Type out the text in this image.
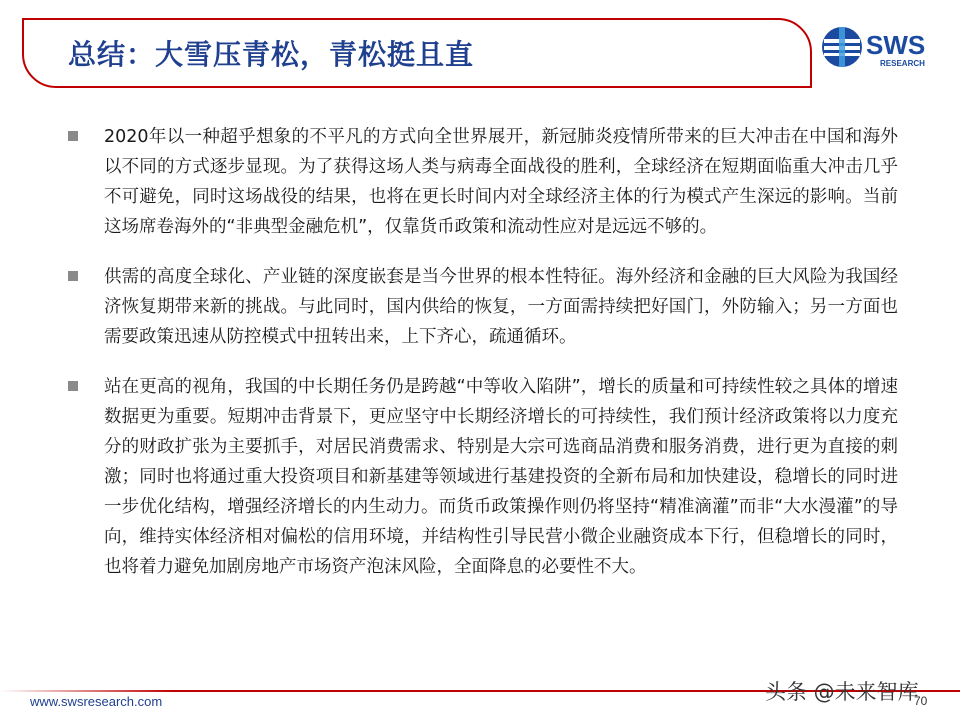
总结：大雪压青松，青松挺且直	SWS
RESEARCH
2020年以一种超乎想象的不平凡的方式向全世界展开，新冠肺炎疫情所带来的巨大冲击在中国和海外以不同的方式逐步显现。为了获得这场人类与病毒全面战役的胜利，全球经济在短期面临重大冲击几乎不可避免，同时这场战役的结果，也将在更长时间内对全球经济主体的行为模式产生深远的影响。当前这场席卷海外的“非典型金融危机”，仅靠货币政策和流动性应对是远远不够的。
供需的高度全球化、产业链的深度嵌套是当今世界的根本性特征。海外经济和金融的巨大风险为我国经济恢复期带来新的挑战。与此同时，国内供给的恢复，一方面需持续把好国门，外防输入；另一方面也需要政策迅速从防控模式中扭转出来，上下齐心，疏通循环。
站在更高的视角，我国的中长期任务仍是跨越“中等收入陷阱”，增长的质量和可持续性较之具体的增速数据更为重要。短期冲击背景下，更应坚守中长期经济增长的可持续性，我们预计经济政策将以力度充分的财政扩张为主要抓手，对居民消费需求、特别是大宗可选商品消费和服务消费，进行更为直接的刺激；同时也将通过重大投资项目和新基建等领域进行基建投资的全新布局和加快建设，稳增长的同时进一步优化结构，增强经济增长的内生动力。而货币政策操作则仍将坚持“精准滴灌”而非“大水漫灌”的导向，维持实体经济相对偏松的信用环境，并结构性引导民营小微企业融资成本下行，但稳增长的同时，也将着力避免加剧房地产市场资产泡沫风险，全面降息的必要性不大。
www.swsresearch.com	70
头条 @未来智库
